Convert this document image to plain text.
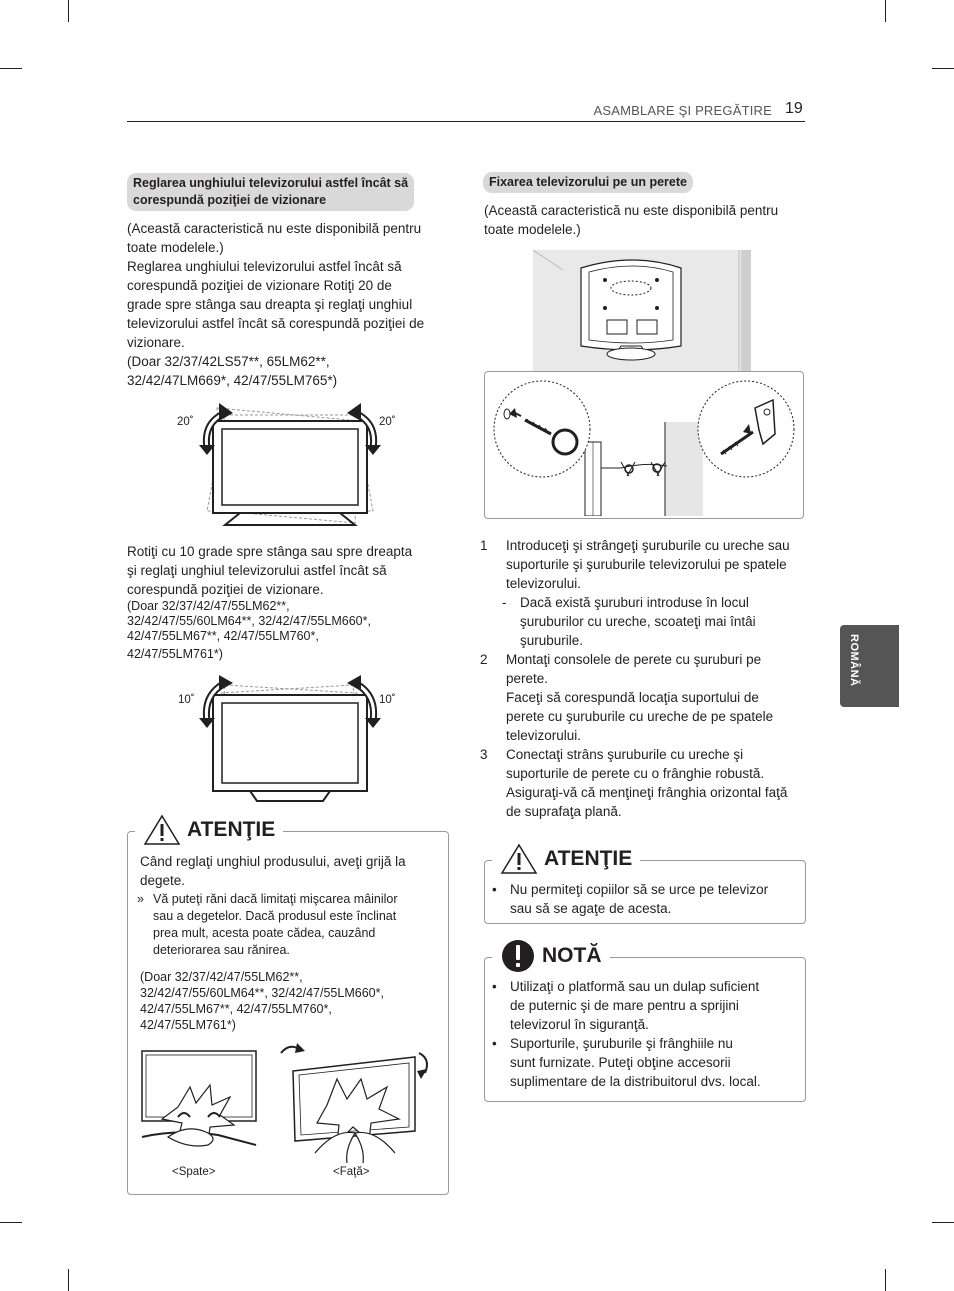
ASAMBLARE ŞI PREGĂTIRE 19
ROMÂNĂ
Reglarea unghiului televizorului astfel încât să
corespundă poziţiei de vizionare

(Această caracteristică nu este disponibilă pentru

toate modelele.)

Reglarea unghiului televizorului astfel încât să

corespundă poziţiei de vizionare Rotiţi 20 de

grade spre stânga sau dreapta şi reglaţi unghiul

televizorului astfel încât să corespundă poziţiei de

vizionare.

(Doar 32/37/42LS57**, 65LM62**,

32/42/47LM669*, 42/47/55LM765*)

20˚	20˚

Rotiţi cu 10 grade spre stânga sau spre dreapta

şi reglaţi unghiul televizorului astfel încât să

corespundă poziţiei de vizionare.

(Doar 32/37/42/47/55LM62**,

32/42/47/55/60LM64**, 32/42/47/55LM660*,

42/47/55LM67**, 42/47/55LM760*,

42/47/55LM761*)

10˚	10˚
ATENŢIE

Când reglaţi unghiul produsului, aveţi grijă la

degete.

» Vă puteţi răni dacă limitaţi mişcarea mâinilor
sau a degetelor. Dacă produsul este înclinat
prea mult, acesta poate cădea, cauzând
deteriorarea sau rănirea.

(Doar 32/37/42/47/55LM62**,

32/42/47/55/60LM64**, 32/42/47/55LM660*,

42/47/55LM67**, 42/47/55LM760*,

42/47/55LM761*)

<Spate>	<Faţă>
Fixarea televizorului pe un perete

(Această caracteristică nu este disponibilă pentru

toate modelele.)

1 Introduceţi şi strângeţi şuruburile cu ureche sau

suporturile şi şuruburile televizorului pe spatele

televizorului.

- Dacă există şuruburi introduse în locul

şuruburilor cu ureche, scoateţi mai întâi

şuruburile.

2 Montaţi consolele de perete cu şuruburi pe

perete.

Faceţi să corespundă locaţia suportului de

perete cu şuruburile cu ureche de pe spatele

televizorului.

3 Conectaţi strâns şuruburile cu ureche şi

suporturile de perete cu o frânghie robustă.

Asiguraţi-vă că menţineţi frânghia orizontal faţă

de suprafaţa plană.

ATENŢIE
• Nu permiteţi copiilor să se urce pe televizor
sau să se agaţe de acesta.
NOTĂ
• Utilizaţi o platformă sau un dulap suficient
de puternic şi de mare pentru a sprijini
televizorul în siguranţă.
• Suporturile, şuruburile şi frânghiile nu
sunt furnizate. Puteţi obţine accesorii
suplimentare de la distribuitorul dvs. local.
